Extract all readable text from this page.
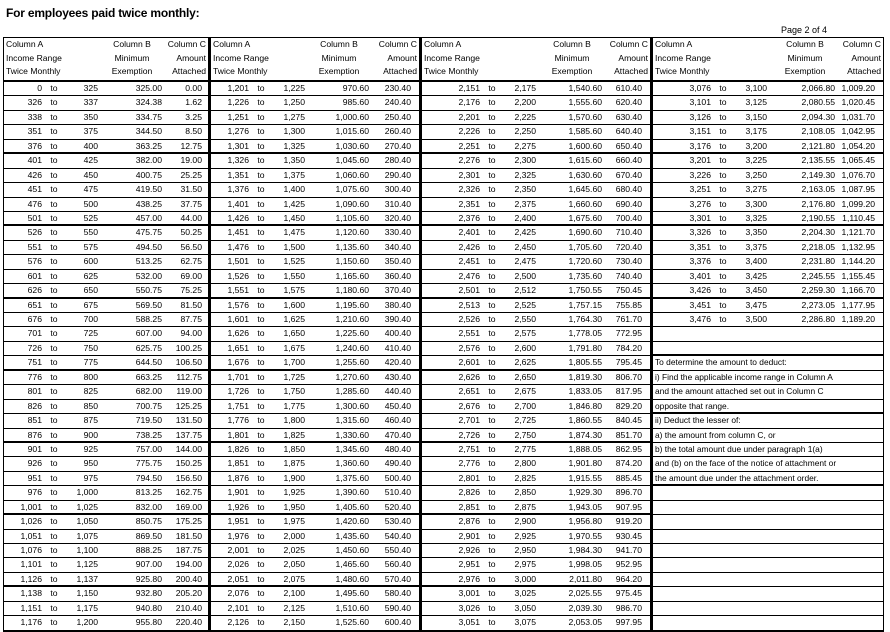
For employees paid twice monthly:
Page 2 of 4
Column A	Column B	Column C
Income Range	Minimum	Amount
Twice Monthly	Exemption	Attached
0 to	325	325.00	0.00
326 to	337	324.38	1.62
338 to	350	334.75	3.25
351 to	375	344.50	8.50
376 to	400	363.25	12.75
401 to	425	382.00	19.00
426 to	450	400.75	25.25
451 to	475	419.50	31.50
476 to	500	438.25	37.75
501 to	525	457.00	44.00
526 to	550	475.75	50.25
551 to	575	494.50	56.50
576 to	600	513.25	62.75
601 to	625	532.00	69.00
626 to	650	550.75	75.25
651 to	675	569.50	81.50
676 to	700	588.25	87.75
701 to	725	607.00	94.00
726 to	750	625.75	100.25
751 to	775	644.50	106.50
776 to	800	663.25	112.75
801 to	825	682.00	119.00
826 to	850	700.75	125.25
851 to	875	719.50	131.50
876 to	900	738.25	137.75
901 to	925	757.00	144.00
926 to	950	775.75	150.25
951 to	975	794.50	156.50
976 to	1,000	813.25	162.75
1,001 to	1,025	832.00	169.00
1,026 to	1,050	850.75	175.25
1,051 to	1,075	869.50	181.50
1,076 to	1,100	888.25	187.75
1,101 to	1,125	907.00	194.00
1,126 to	1,137	925.80	200.40
1,138 to	1,150	932.80	205.20
1,151 to	1,175	940.80	210.40
1,176 to	1,200	955.80	220.40
Column A	Column B	Column C
Income Range	Minimum	Amount
Twice Monthly	Exemption	Attached
1,201 to	1,225	970.60	230.40
1,226 to	1,250	985.60	240.40
1,251 to	1,275	1,000.60	250.40
1,276 to	1,300	1,015.60	260.40
1,301 to	1,325	1,030.60	270.40
1,326 to	1,350	1,045.60	280.40
1,351 to	1,375	1,060.60	290.40
1,376 to	1,400	1,075.60	300.40
1,401 to	1,425	1,090.60	310.40
1,426 to	1,450	1,105.60	320.40
1,451 to	1,475	1,120.60	330.40
1,476 to	1,500	1,135.60	340.40
1,501 to	1,525	1,150.60	350.40
1,526 to	1,550	1,165.60	360.40
1,551 to	1,575	1,180.60	370.40
1,576 to	1,600	1,195.60	380.40
1,601 to	1,625	1,210.60	390.40
1,626 to	1,650	1,225.60	400.40
1,651 to	1,675	1,240.60	410.40
1,676 to	1,700	1,255.60	420.40
1,701 to	1,725	1,270.60	430.40
1,726 to	1,750	1,285.60	440.40
1,751 to	1,775	1,300.60	450.40
1,776 to	1,800	1,315.60	460.40
1,801 to	1,825	1,330.60	470.40
1,826 to	1,850	1,345.60	480.40
1,851 to	1,875	1,360.60	490.40
1,876 to	1,900	1,375.60	500.40
1,901 to	1,925	1,390.60	510.40
1,926 to	1,950	1,405.60	520.40
1,951 to	1,975	1,420.60	530.40
1,976 to	2,000	1,435.60	540.40
2,001 to	2,025	1,450.60	550.40
2,026 to	2,050	1,465.60	560.40
2,051 to	2,075	1,480.60	570.40
2,076 to	2,100	1,495.60	580.40
2,101 to	2,125	1,510.60	590.40
2,126 to	2,150	1,525.60	600.40
Column A	Column B	Column C
Income Range	Minimum	Amount
Twice Monthly	Exemption	Attached
2,151 to	2,175	1,540.60	610.40
2,176 to	2,200	1,555.60	620.40
2,201 to	2,225	1,570.60	630.40
2,226 to	2,250	1,585.60	640.40
2,251 to	2,275	1,600.60	650.40
2,276 to	2,300	1,615.60	660.40
2,301 to	2,325	1,630.60	670.40
2,326 to	2,350	1,645.60	680.40
2,351 to	2,375	1,660.60	690.40
2,376 to	2,400	1,675.60	700.40
2,401 to	2,425	1,690.60	710.40
2,426 to	2,450	1,705.60	720.40
2,451 to	2,475	1,720.60	730.40
2,476 to	2,500	1,735.60	740.40
2,501 to	2,512	1,750.55	750.45
2,513 to	2,525	1,757.15	755.85
2,526 to	2,550	1,764.30	761.70
2,551 to	2,575	1,778.05	772.95
2,576 to	2,600	1,791.80	784.20
2,601 to	2,625	1,805.55	795.45
2,626 to	2,650	1,819.30	806.70
2,651 to	2,675	1,833.05	817.95
2,676 to	2,700	1,846.80	829.20
2,701 to	2,725	1,860.55	840.45
2,726 to	2,750	1,874.30	851.70
2,751 to	2,775	1,888.05	862.95
2,776 to	2,800	1,901.80	874.20
2,801 to	2,825	1,915.55	885.45
2,826 to	2,850	1,929.30	896.70
2,851 to	2,875	1,943.05	907.95
2,876 to	2,900	1,956.80	919.20
2,901 to	2,925	1,970.55	930.45
2,926 to	2,950	1,984.30	941.70
2,951 to	2,975	1,998.05	952.95
2,976 to	3,000	2,011.80	964.20
3,001 to	3,025	2,025.55	975.45
3,026 to	3,050	2,039.30	986.70
3,051 to	3,075	2,053.05	997.95
Column A	Column B	Column C
Income Range	Minimum	Amount
Twice Monthly	Exemption	Attached
3,076 to	3,100	2,066.80 1,009.20
3,101 to	3,125	2,080.55 1,020.45
3,126 to	3,150	2,094.30 1,031.70
3,151 to	3,175	2,108.05 1,042.95
3,176 to	3,200	2,121.80 1,054.20
3,201 to	3,225	2,135.55 1,065.45
3,226 to	3,250	2,149.30 1,076.70
3,251 to	3,275	2,163.05 1,087.95
3,276 to	3,300	2,176.80 1,099.20
3,301 to	3,325	2,190.55 1,110.45
3,326 to	3,350	2,204.30 1,121.70
3,351 to	3,375	2,218.05 1,132.95
3,376 to	3,400	2,231.80 1,144.20
3,401 to	3,425	2,245.55 1,155.45
3,426 to	3,450	2,259.30 1,166.70
3,451 to	3,475	2,273.05 1,177.95
3,476 to	3,500	2,286.80 1,189.20
To determine the amount to deduct:
i) Find the applicable income range in Column A
and the amount attached set out in Column C
opposite that range.
ii) Deduct the lesser of:
a) the amount from column C, or
b) the total amount due under paragraph 1(a)
and (b) on the face of the notice of attachment or
the amount due under the attachment order.
